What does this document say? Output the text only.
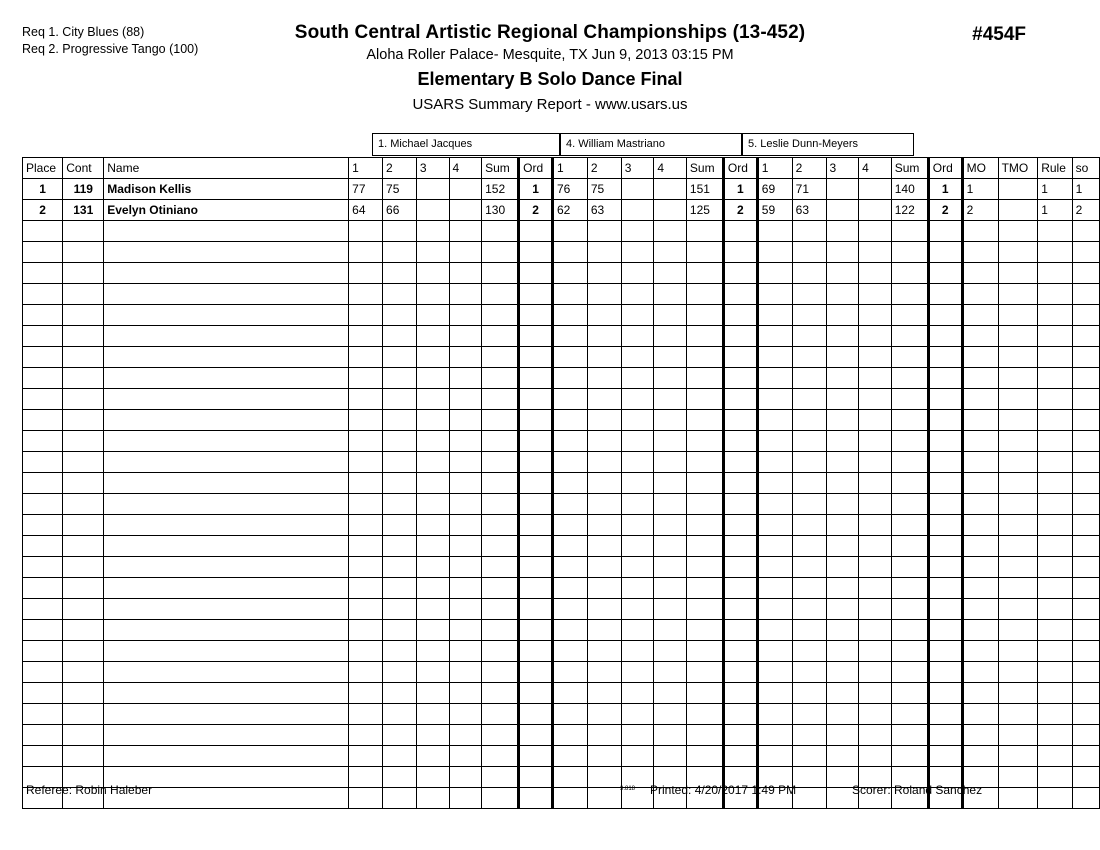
Req 1. City Blues (88)
Req 2. Progressive Tango (100)
South Central Artistic Regional Championships (13-452)
Aloha Roller Palace- Mesquite, TX Jun 9, 2013 03:15 PM
Elementary B Solo Dance Final
USARS Summary Report - www.usars.us
#454F
1. Michael Jacques	4. William Mastriano	5. Leslie Dunn-Meyers
Place	Cont	Name	1	2	3	4	Sum	Ord	1	2	3	4	Sum	Ord	1	2	3	4	Sum	Ord	MO	TMO	Rule	so
1	119	Madison Kellis	77	75			152	1	76	75			151	1	69	71			140	1	1		1	1
2	131	Evelyn Otiniano	64	66			130	2	62	63			125	2	59	63			122	2	2		1	2

Referee: Robin Haleber	3.818 Printed: 4/20/2017 1:49 PM	Scorer: Roland Sanchez
